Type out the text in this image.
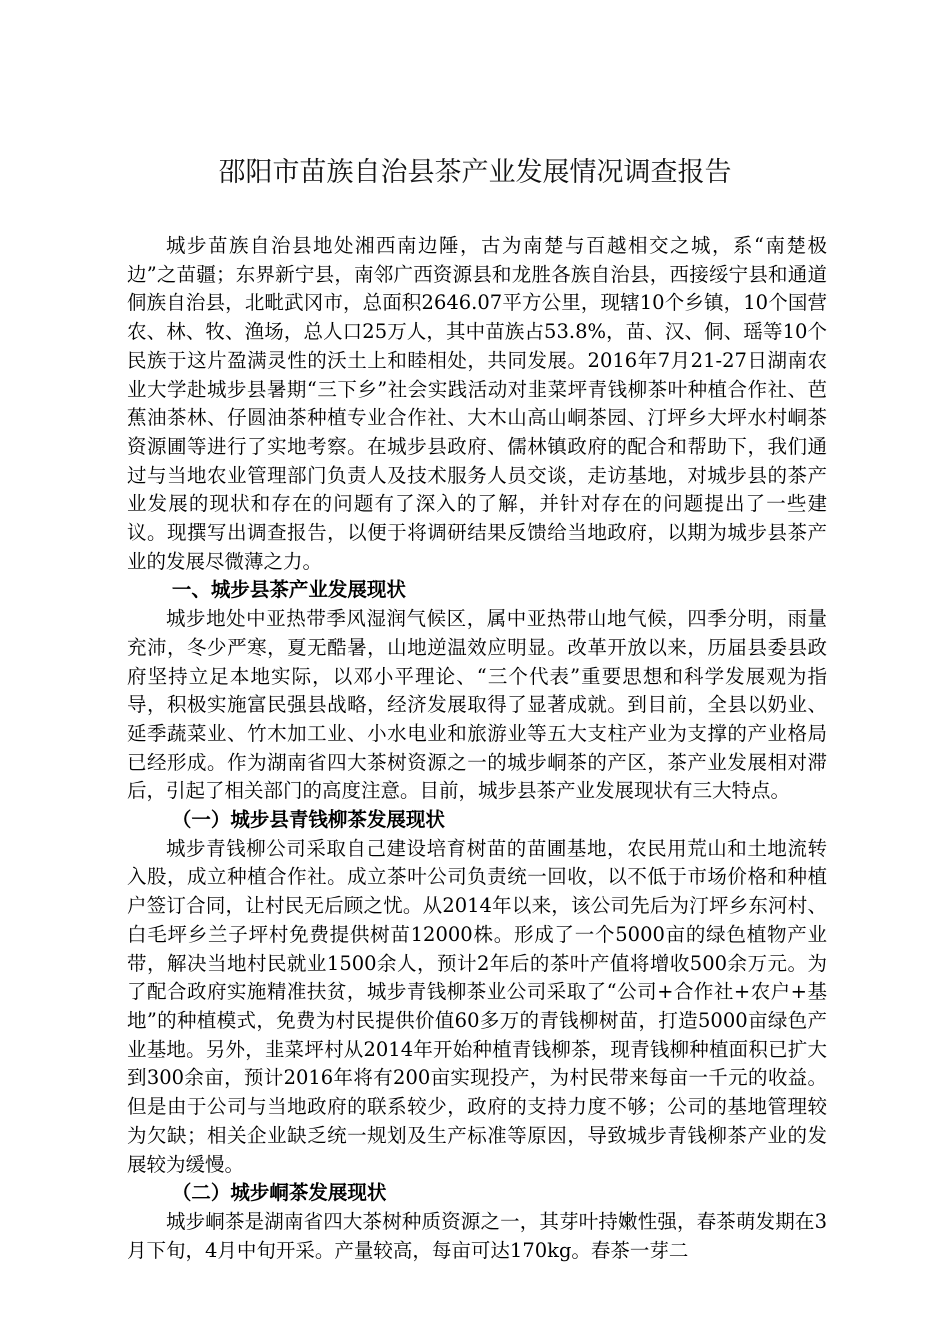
邵阳市苗族自治县茶产业发展情况调查报告

城步苗族自治县地处湘西南边陲，古为南楚与百越相交之城，系“南楚极边”之苗疆；东界新宁县，南邻广西资源县和龙胜各族自治县，西接绥宁县和通道侗族自治县，北毗武冈市，总面积2646.07平方公里，现辖10个乡镇，10个国营农、林、牧、渔场，总人口25万人，其中苗族占53.8%，苗、汉、侗、瑶等10个民族于这片盈满灵性的沃土上和睦相处，共同发展。2016年7月21-27日湖南农业大学赴城步县暑期“三下乡”社会实践活动对韭菜坪青钱柳茶叶种植合作社、芭蕉油茶林、仔圆油茶种植专业合作社、大木山高山峒茶园、汀坪乡大坪水村峒茶资源圃等进行了实地考察。在城步县政府、儒林镇政府的配合和帮助下，我们通过与当地农业管理部门负责人及技术服务人员交谈，走访基地，对城步县的茶产业发展的现状和存在的问题有了深入的了解，并针对存在的问题提出了一些建议。现撰写出调查报告，以便于将调研结果反馈给当地政府，以期为城步县茶产业的发展尽微薄之力。

一、城步县茶产业发展现状

城步地处中亚热带季风湿润气候区，属中亚热带山地气候，四季分明，雨量充沛，冬少严寒，夏无酷暑，山地逆温效应明显。改革开放以来，历届县委县政府坚持立足本地实际，以邓小平理论、“三个代表”重要思想和科学发展观为指导，积极实施富民强县战略，经济发展取得了显著成就。到目前，全县以奶业、延季蔬菜业、竹木加工业、小水电业和旅游业等五大支柱产业为支撑的产业格局已经形成。作为湖南省四大茶树资源之一的城步峒茶的产区，茶产业发展相对滞后，引起了相关部门的高度注意。目前，城步县茶产业发展现状有三大特点。

（一）城步县青钱柳茶发展现状

城步青钱柳公司采取自己建设培育树苗的苗圃基地，农民用荒山和土地流转入股，成立种植合作社。成立茶叶公司负责统一回收，以不低于市场价格和种植户签订合同，让村民无后顾之忧。从2014年以来，该公司先后为汀坪乡东河村、白毛坪乡兰子坪村免费提供树苗12000株。形成了一个5000亩的绿色植物产业带，解决当地村民就业1500余人，预计2年后的茶叶产值将增收500余万元。为了配合政府实施精准扶贫，城步青钱柳茶业公司采取了“公司+合作社+农户+基地”的种植模式，免费为村民提供价值60多万的青钱柳树苗，打造5000亩绿色产业基地。另外，韭菜坪村从2014年开始种植青钱柳茶，现青钱柳种植面积已扩大到300余亩，预计2016年将有200亩实现投产，为村民带来每亩一千元的收益。但是由于公司与当地政府的联系较少，政府的支持力度不够；公司的基地管理较为欠缺；相关企业缺乏统一规划及生产标准等原因，导致城步青钱柳茶产业的发展较为缓慢。

（二）城步峒茶发展现状

城步峒茶是湖南省四大茶树种质资源之一，其芽叶持嫩性强，春茶萌发期在3月下旬，4月中旬开采。产量较高，每亩可达170kg。春茶一芽二
